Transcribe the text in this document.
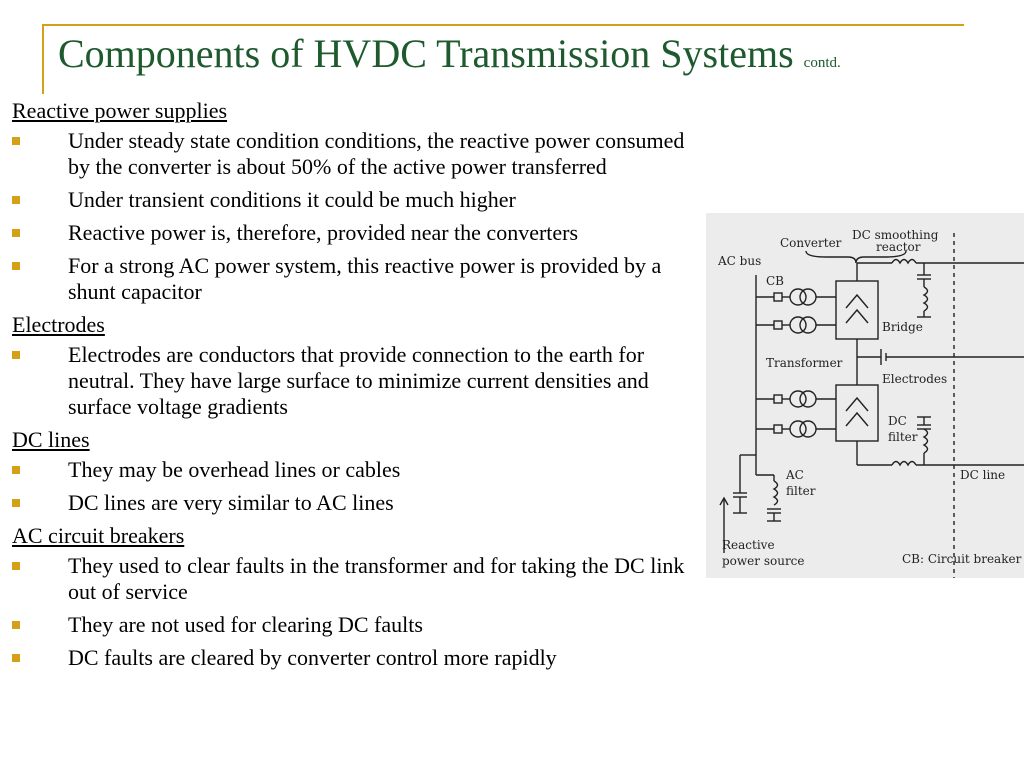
Components of HVDC Transmission Systems contd.

Reactive power supplies

Under steady state condition conditions, the reactive power consumed by the converter is about 50% of the active power transferred
Under transient conditions it could be much higher
Reactive power is, therefore, provided near the converters
For a strong AC power system, this reactive power is provided by a shunt capacitor

Electrodes

Electrodes are conductors that provide connection to the earth for neutral. They have large surface to minimize current densities and surface voltage gradients

DC lines

They may be overhead lines or cables
DC lines are very similar to AC lines

AC circuit breakers

They used to clear faults in the transformer and for taking the DC link out of service
They are not used for clearing DC faults
DC faults are cleared by converter control more rapidly
Converter
DC smoothing
reactor
AC bus
CB
Bridge
Transformer
Electrodes
DC
filter
AC
filter
DC line
Reactive
power source	CB: Circuit breaker
